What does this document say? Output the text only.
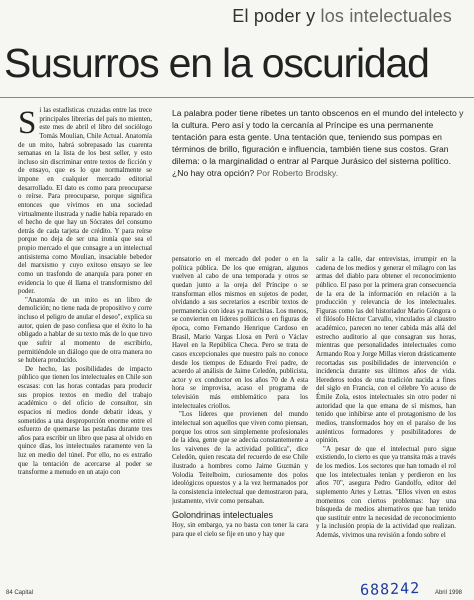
El poder y los intelectuales
Susurros en la oscuridad

Si las estadísticas cruzadas entre las trece principales librerías del país no mienten, este mes de abril el libro del sociólogo Tomás Moulian, Chile Actual. Anatomía de un mito, habrá sobrepasado las cuarenta semanas en la lista de los best seller, y esto incluso sin discriminar entre textos de ficción y de ensayo, que es lo que normalmente se impone en cualquier mercado editorial desarrollado. El dato es como para preocuparse o reírse. Para preocuparse, porque significa entonces que vivimos en una sociedad virtualmente ilustrada y nadie había reparado en el hecho de que hay un Sócrates del consumo detrás de cada tarjeta de crédito. Y para reírse porque no deja de ser una ironía que sea el propio mercado el que consagre a un intelectual antisistema como Moulian, insaciable bebedor del marxismo y cuyo exitoso ensayo se lee como un trasfondo de anarquía para poner en evidencia lo que él llama el transformismo del poder.

"Anatomía de un mito es un libro de demolición; no tiene nada de propositivo y corre incluso el peligro de anular el deseo", explica su autor, quien de paso confiesa que el éxito lo ha obligado a hablar de su texto más de lo que tuvo que sufrir al momento de escribirlo, permitiéndole un diálogo que de otra manera no se hubiera producido.

De hecho, las posibilidades de impacto público que tienen los intelectuales en Chile son escasas: con las horas contadas para producir sus propios textos en medio del trabajo académico o del oficio de consultor, sin espacios ni medios donde debatir ideas, y sometidos a una desproporción enorme entre el esfuerzo de quemarse las pestañas durante tres años para escribir un libro que pasa al olvido en quince días, los intelectuales raramente ven la luz en medio del túnel. Por ello, no es extraño que la tentación de acercarse al poder se transforme a menudo en un atajo con

La palabra poder tiene ribetes un tanto obscenos en el mundo del intelecto y la cultura. Pero así y todo la cercanía al Príncipe es una permanente tentación para esta gente. Una tentación que, teniendo sus pompas en términos de brillo, figuración e influencia, también tiene sus costos. Gran dilema: o la marginalidad o entrar al Parque Jurásico del sistema político. ¿No hay otra opción? Por Roberto Brodsky.

pensatorio en el mercado del poder o en la política pública. De los que emigran, algunos vuelven al cabo de una temporada y otros se quedan junto a la oreja del Príncipe o se transforman ellos mismos en sujetos de poder, olvidando a sus secretarios a escribir textos de permanencia con ideas ya marchitas. Los menos, se convierten en líderes políticos o en figuras de época, como Fernando Henrique Cardoso en Brasil, Mario Vargas Llosa en Perú o Václav Havel en la República Checa. Pero se trata de casos excepcionales que nuestro país no conoce desde los tiempos de Eduardo Frei padre, de acuerdo al análisis de Jaime Celedón, publicista, actor y ex conductor en los años 70 de A esta hora se improvisa, acaso el programa de televisión más emblemático para los intelectuales criollos.

"Los líderes que provienen del mundo intelectual son aquellos que viven como piensan, porque los otros son simplemente profesionales de la idea, gente que se adecúa constantemente a los vaivenes de la actividad política", dice Celedón, quien rescata del recuerdo de ese Chile ilustrado a hombres como Jaime Guzmán y Volodia Teitelboim, curiosamente dos polos ideológicos opuestos y a la vez hermanados por la consistencia intelectual que demostraron para, justamente, vivir como pensaban.

Golondrinas intelectuales

Hoy, sin embargo, ya no basta con tener la cara para que el cielo se fije en uno y hay que

salir a la calle, dar entrevistas, irrumpir en la cadena de los medios y generar el milagro con las armas del diablo para obtener el reconocimiento público. El paso por la primera gran consecuencia de la era de la información en relación a la producción y relevancia de los intelectuales. Figuras como las del historiador Mario Góngora o el filósofo Héctor Carvallo, vinculados al claustro académico, parecen no tener cabida más allá del estrecho auditorio al que consagran sus horas, mientras que personalidades intelectuales como Armando Roa y Jorge Millas vieron drásticamente recortadas sus posibilidades de intervención e incidencia durante sus últimos años de vida. Herederos todos de una tradición nacida a fines del siglo en Francia, con el célebre Yo acuso de Émile Zola, estos intelectuales sin otro poder ni autoridad que la que emana de sí mismos, han tenido que inhibirse ante el protagonismo de los medios, transformados hoy en el paraíso de los auténticos formadores y posibilitadores de opinión.

"A pesar de que el intelectual puro sigue existiendo, lo cierto es que ya transita más a través de los medios. Los sectores que han tomado el rol que los intelectuales tenían y perdieron en los años 70", asegura Pedro Gandolfo, editor del suplemento Artes y Letras. "Ellos viven en estos momentos con ciertos problemas: hay una búsqueda de medios alternativos que han tenido que sustituir entre la necesidad de reconocimiento y la inclusión propia de la actividad que realizan. Además, vivimos una revisión a fondo sobre el

84 Capital	688242 Abril 1998
